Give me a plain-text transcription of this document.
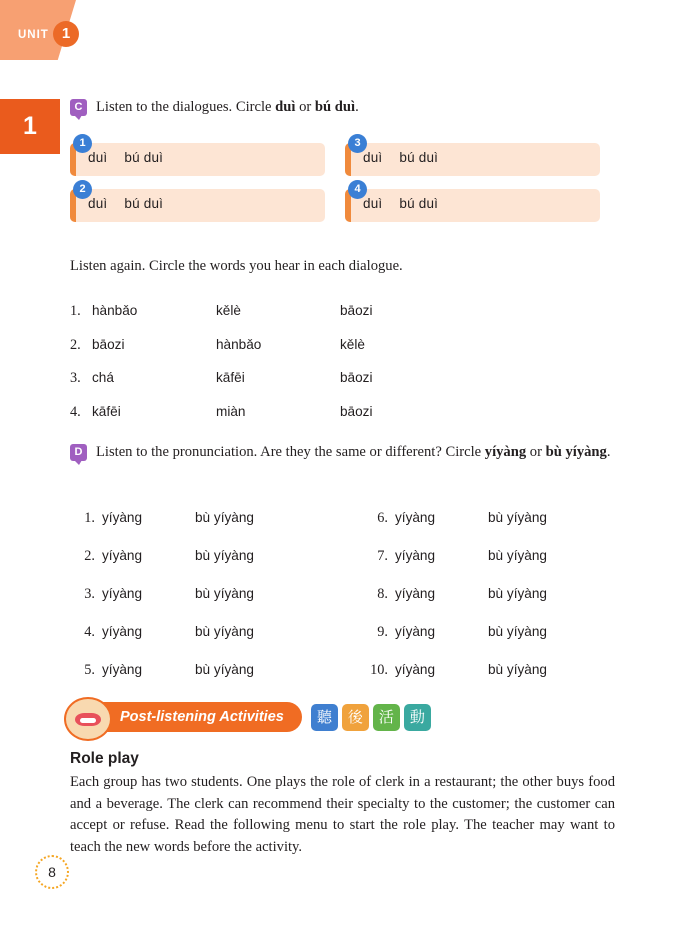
UNIT 1
1
C Listen to the dialogues. Circle duì or bú duì.
1
duì bú duì
3
duì bú duì
2
duì bú duì
4
duì bú duì
Listen again. Circle the words you hear in each dialogue.
1. hànbǎo	kělè	bāozi
2. bāozi	hànbǎo	kělè
3. chá	kāfēi	bāozi
4. kāfēi	miàn	bāozi
D Listen to the pronunciation. Are they the same or different? Circle yíyàng or bù yíyàng.
1. yíyàng	bù yíyàng	6. yíyàng	bù yíyàng
2. yíyàng	bù yíyàng	7. yíyàng	bù yíyàng
3. yíyàng	bù yíyàng	8. yíyàng	bù yíyàng
4. yíyàng	bù yíyàng	9. yíyàng	bù yíyàng
5. yíyàng	bù yíyàng	10. yíyàng	bù yíyàng
Post-listening Activities	聽	後	活	動
Role play
Each group has two students. One plays the role of clerk in a restaurant; the other buys food and a beverage. The clerk can recommend their specialty to the customer; the customer can accept or refuse. Read the following menu to start the role play. The teacher may want to teach the new words before the activity.
8
